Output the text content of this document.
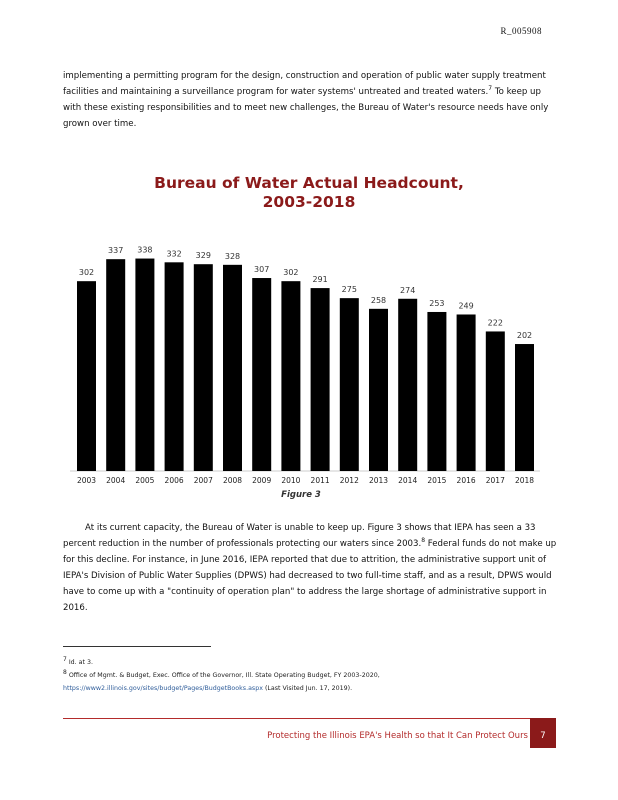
R_005908
implementing a permitting program for the design, construction and operation of public water supply treatment facilities and maintaining a surveillance program for water systems' untreated and treated waters.$^7$ To keep up with these existing responsibilities and to meet new challenges, the Bureau of Water's resource needs have only grown over time.
Bureau of Water Actual Headcount,
2003-2018
302
2003
337
2004
338
2005
332
2006
329
2007
328
2008
307
2009
302
2010
291
2011
275
2012
258
2013
274
2014
253
2015
249
2016
222
2017
202
2018
Figure 3
At its current capacity, the Bureau of Water is unable to keep up. Figure 3 shows that IEPA has seen a 33 percent reduction in the number of professionals protecting our waters since 2003.$^8$ Federal funds do not make up for this decline. For instance, in June 2016, IEPA reported that due to attrition, the administrative support unit of IEPA's Division of Public Water Supplies (DPWS) had decreased to two full-time staff, and as a result, DPWS would have to come up with a "continuity of operation plan" to address the large shortage of administrative support in 2016.
$^7$ Id. at 3.
$^8$ Office of Mgmt. & Budget, Exec. Office of the Governor, Ill. State Operating Budget, FY 2003-2020,
https://www2.illinois.gov/sites/budget/Pages/BudgetBooks.aspx (Last Visited Jun. 17, 2019).
Protecting the Illinois EPA's Health so that It Can Protect Ours	7
